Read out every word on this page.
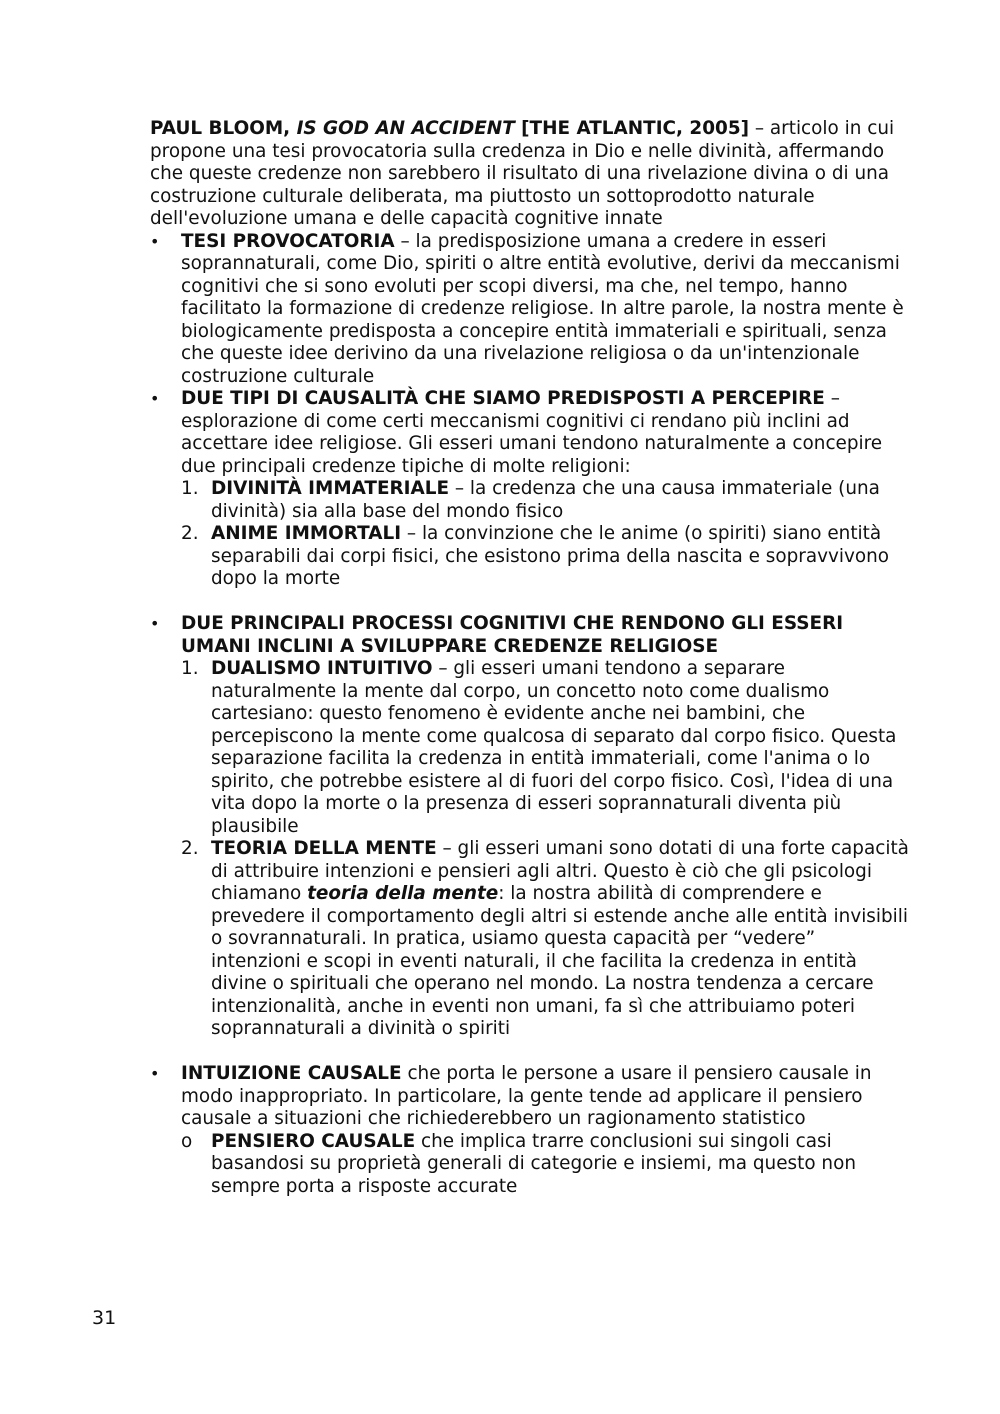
PAUL BLOOM, IS GOD AN ACCIDENT [THE ATLANTIC, 2005] – articolo in cui propone una tesi provocatoria sulla credenza in Dio e nelle divinità, affermando che queste credenze non sarebbero il risultato di una rivelazione divina o di una costruzione culturale deliberata, ma piuttosto un sottoprodotto naturale dell'evoluzione umana e delle capacità cognitive innate

•	TESI PROVOCATORIA – la predisposizione umana a credere in esseri soprannaturali, come Dio, spiriti o altre entità evolutive, derivi da meccanismi cognitivi che si sono evoluti per scopi diversi, ma che, nel tempo, hanno facilitato la formazione di credenze religiose. In altre parole, la nostra mente è biologicamente predisposta a concepire entità immateriali e spirituali, senza che queste idee derivino da una rivelazione religiosa o da un'intenzionale costruzione culturale
•	DUE TIPI DI CAUSALITÀ CHE SIAMO PREDISPOSTI A PERCEPIRE – esplorazione di come certi meccanismi cognitivi ci rendano più inclini ad accettare idee religiose. Gli esseri umani tendono naturalmente a concepire due principali credenze tipiche di molte religioni:
1. DIVINITÀ IMMATERIALE – la credenza che una causa immateriale (una divinità) sia alla base del mondo fisico
2. ANIME IMMORTALI – la convinzione che le anime (o spiriti) siano entità separabili dai corpi fisici, che esistono prima della nascita e sopravvivono dopo la morte
•	DUE PRINCIPALI PROCESSI COGNITIVI CHE RENDONO GLI ESSERI UMANI INCLINI A SVILUPPARE CREDENZE RELIGIOSE
1. DUALISMO INTUITIVO – gli esseri umani tendono a separare naturalmente la mente dal corpo, un concetto noto come dualismo cartesiano: questo fenomeno è evidente anche nei bambini, che percepiscono la mente come qualcosa di separato dal corpo fisico. Questa separazione facilita la credenza in entità immateriali, come l'anima o lo spirito, che potrebbe esistere al di fuori del corpo fisico. Così, l'idea di una vita dopo la morte o la presenza di esseri soprannaturali diventa più plausibile
2. TEORIA DELLA MENTE – gli esseri umani sono dotati di una forte capacità di attribuire intenzioni e pensieri agli altri. Questo è ciò che gli psicologi chiamano teoria della mente: la nostra abilità di comprendere e prevedere il comportamento degli altri si estende anche alle entità invisibili o sovrannaturali. In pratica, usiamo questa capacità per “vedere” intenzioni e scopi in eventi naturali, il che facilita la credenza in entità divine o spirituali che operano nel mondo. La nostra tendenza a cercare intenzionalità, anche in eventi non umani, fa sì che attribuiamo poteri soprannaturali a divinità o spiriti
•	INTUIZIONE CAUSALE che porta le persone a usare il pensiero causale in modo inappropriato. In particolare, la gente tende ad applicare il pensiero causale a situazioni che richiederebbero un ragionamento statistico
o PENSIERO CAUSALE che implica trarre conclusioni sui singoli casi basandosi su proprietà generali di categorie e insiemi, ma questo non sempre porta a risposte accurate
31
